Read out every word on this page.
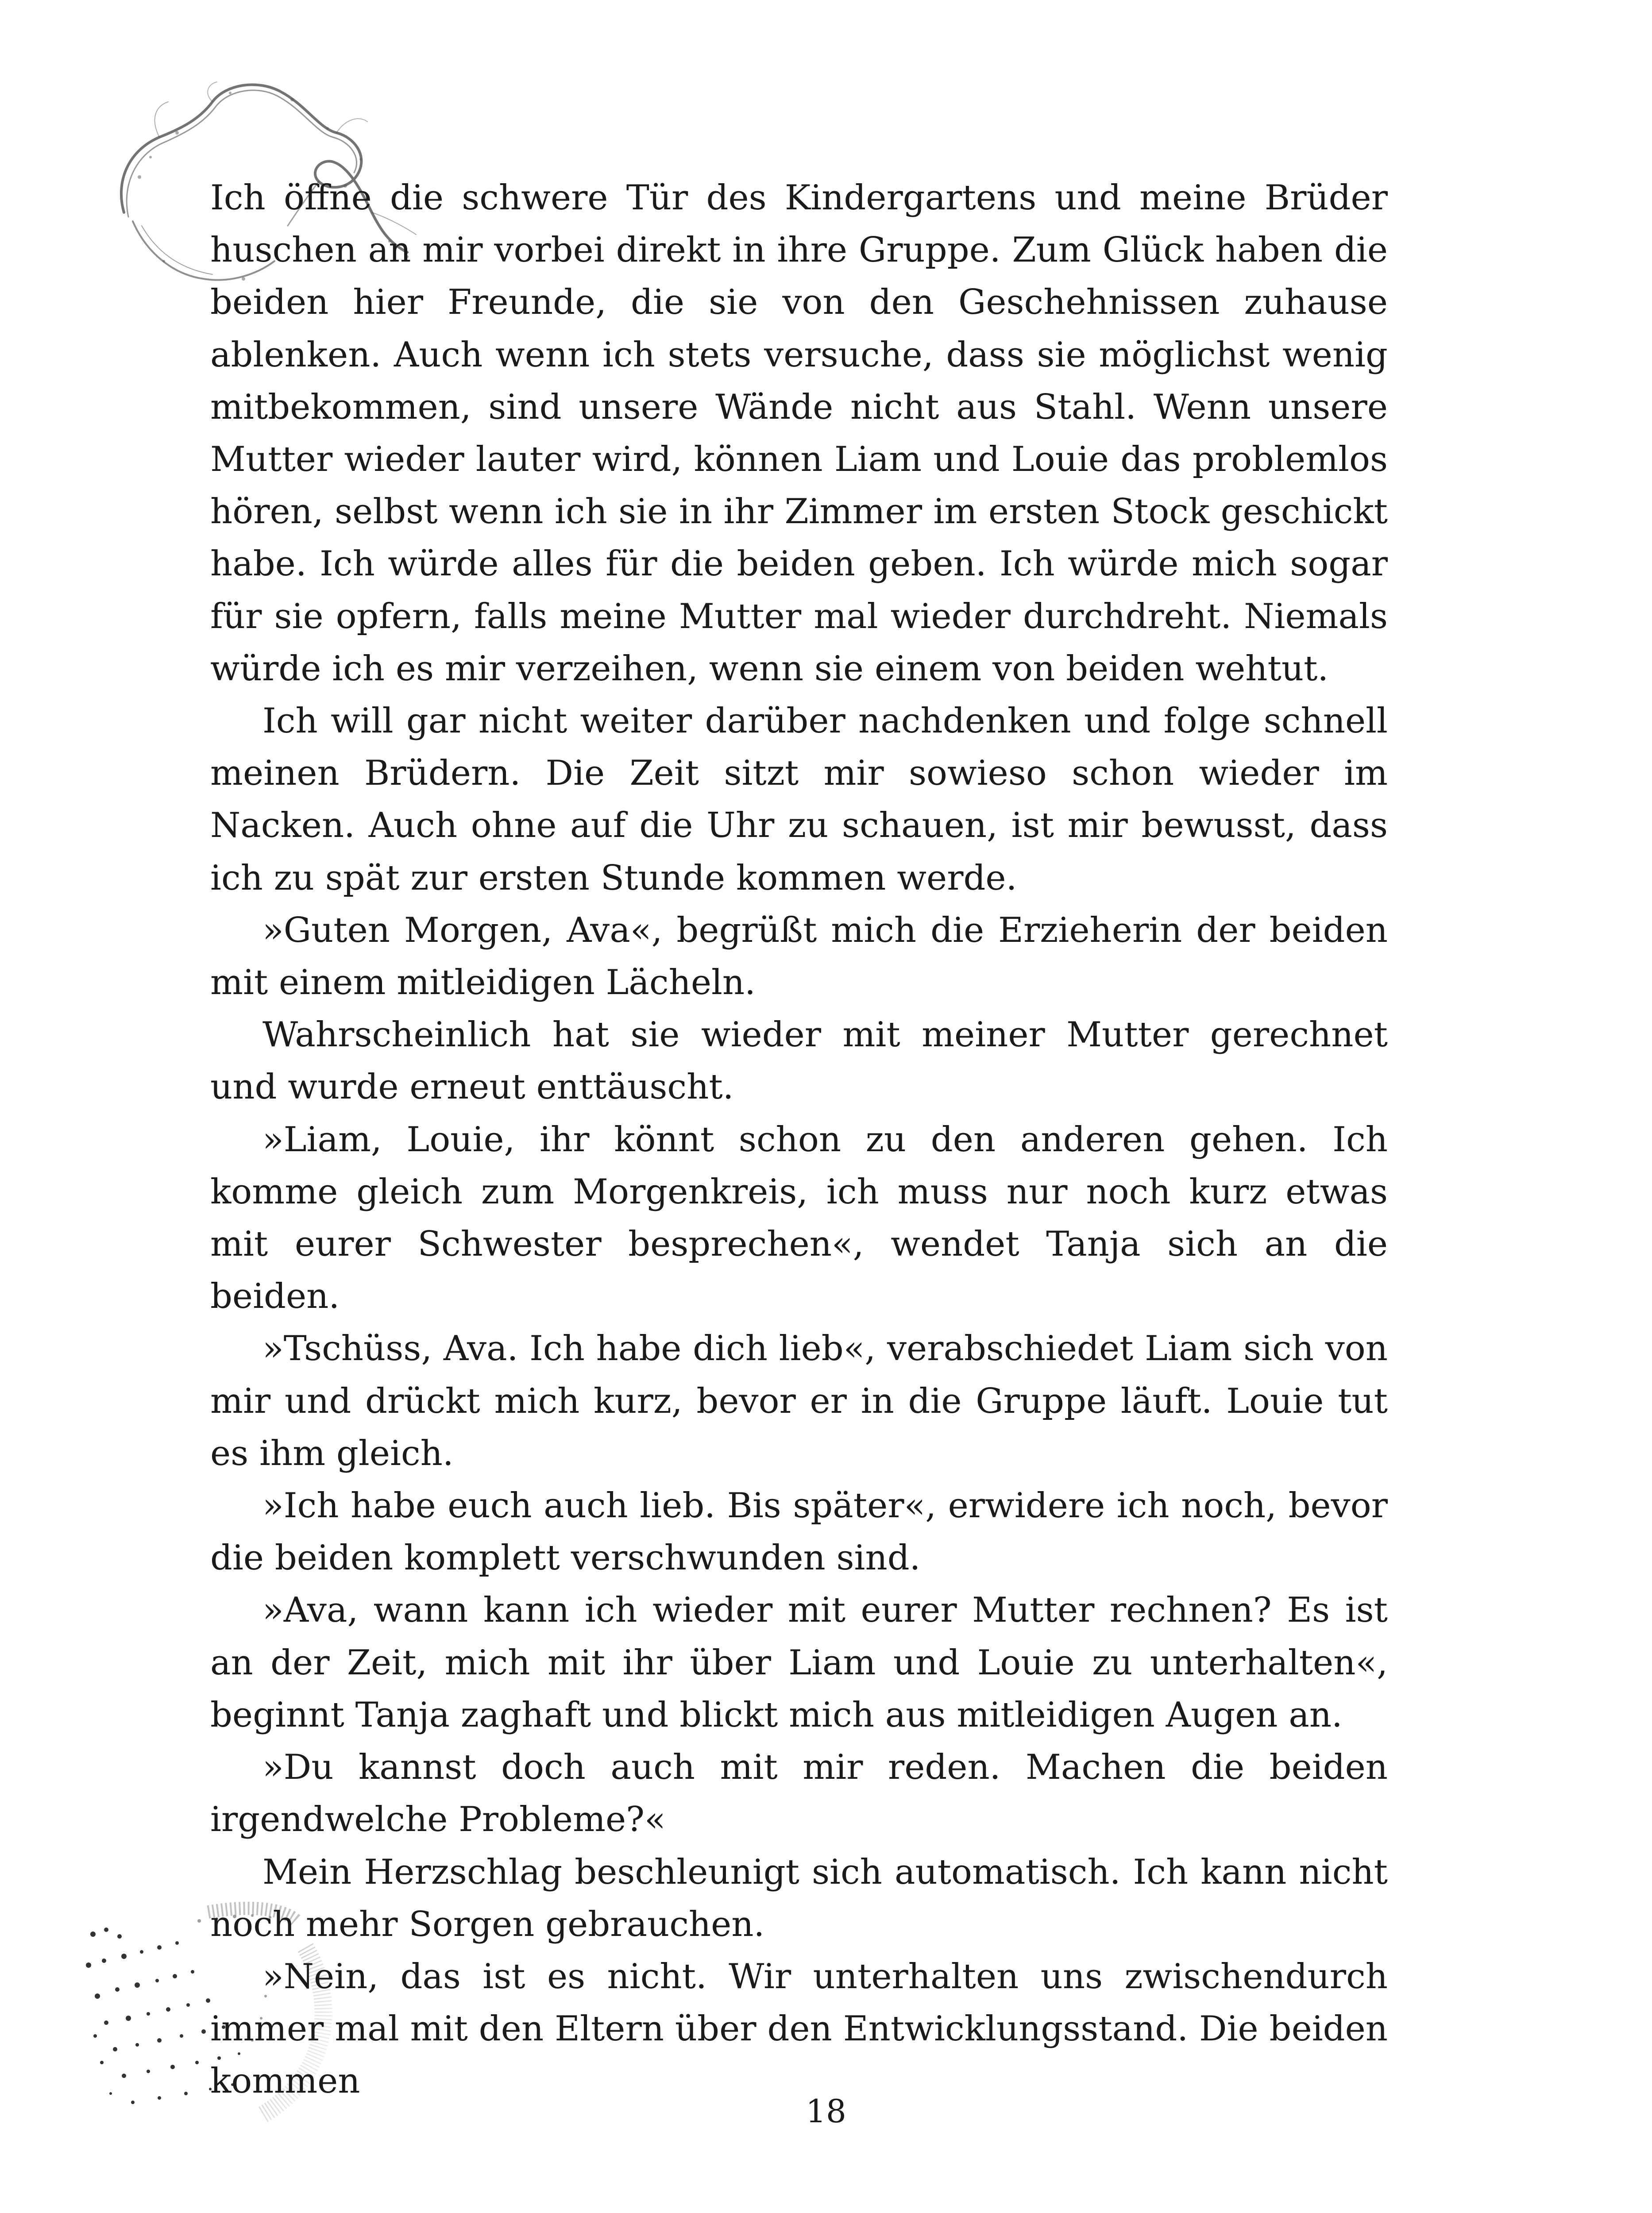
Ich öffne die schwere Tür des Kindergartens und meine Brüder huschen an mir vorbei direkt in ihre Gruppe. Zum Glück haben die beiden hier Freunde, die sie von den Geschehnissen zuhause ablenken. Auch wenn ich stets versuche, dass sie möglichst wenig mitbekommen, sind unsere Wände nicht aus Stahl. Wenn unsere Mutter wieder lauter wird, können Liam und Louie das problemlos hören, selbst wenn ich sie in ihr Zimmer im ersten Stock geschickt habe. Ich würde alles für die beiden geben. Ich würde mich sogar für sie opfern, falls meine Mutter mal wieder durchdreht. Niemals würde ich es mir verzeihen, wenn sie einem von beiden wehtut.

Ich will gar nicht weiter darüber nachdenken und folge schnell meinen Brüdern. Die Zeit sitzt mir sowieso schon wieder im Nacken. Auch ohne auf die Uhr zu schauen, ist mir bewusst, dass ich zu spät zur ersten Stunde kommen werde.

»Guten Morgen, Ava«, begrüßt mich die Erzieherin der beiden mit einem mitleidigen Lächeln.

Wahrscheinlich hat sie wieder mit meiner Mutter gerechnet und wurde erneut enttäuscht.

»Liam, Louie, ihr könnt schon zu den anderen gehen. Ich komme gleich zum Morgenkreis, ich muss nur noch kurz etwas mit eurer Schwester besprechen«, wendet Tanja sich an die beiden.

»Tschüss, Ava. Ich habe dich lieb«, verabschiedet Liam sich von mir und drückt mich kurz, bevor er in die Gruppe läuft. Louie tut es ihm gleich.

»Ich habe euch auch lieb. Bis später«, erwidere ich noch, bevor die beiden komplett verschwunden sind.

»Ava, wann kann ich wieder mit eurer Mutter rechnen? Es ist an der Zeit, mich mit ihr über Liam und Louie zu unterhalten«, beginnt Tanja zaghaft und blickt mich aus mitleidigen Augen an.

»Du kannst doch auch mit mir reden. Machen die beiden irgendwelche Probleme?«

Mein Herzschlag beschleunigt sich automatisch. Ich kann nicht noch mehr Sorgen gebrauchen.

»Nein, das ist es nicht. Wir unterhalten uns zwischendurch immer mal mit den Eltern über den Entwicklungsstand. Die beiden kommen

18
